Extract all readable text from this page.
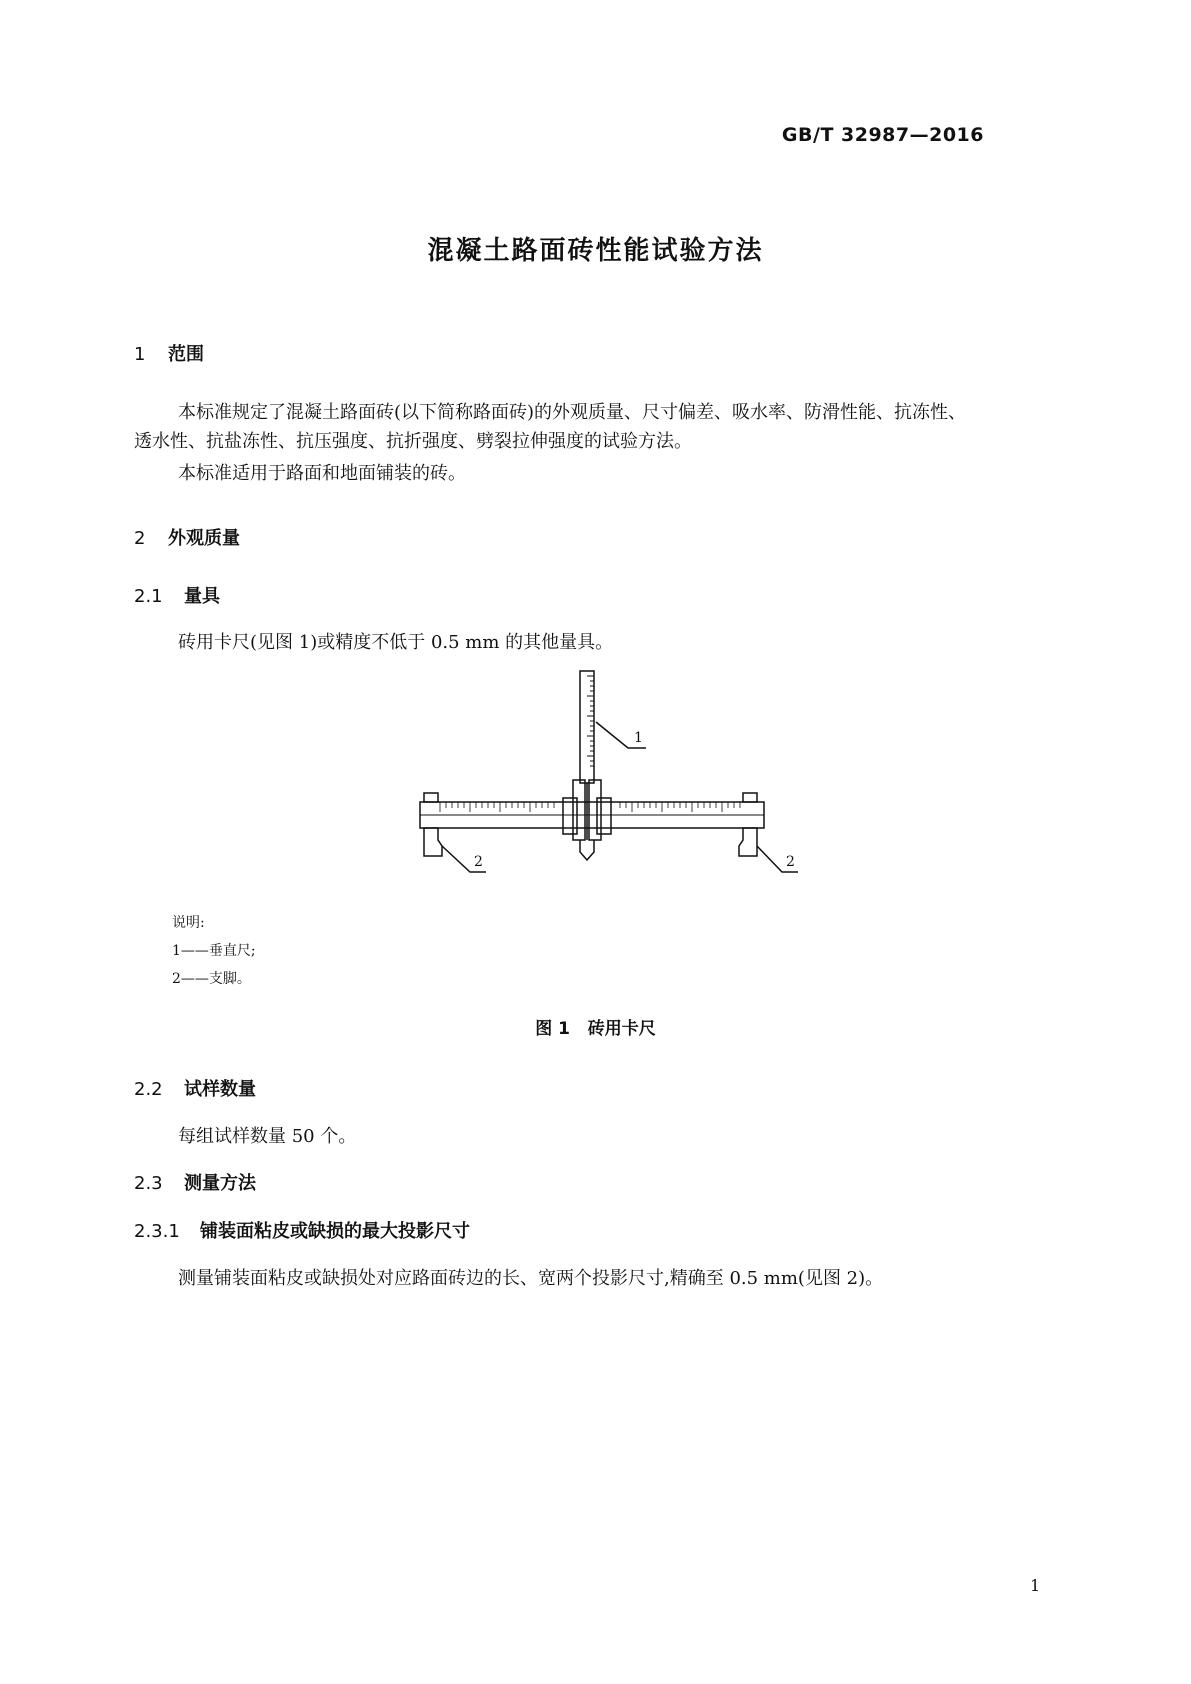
GB/T 32987—2016
混凝土路面砖性能试验方法
1 范围
本标准规定了混凝土路面砖(以下简称路面砖)的外观质量、尺寸偏差、吸水率、防滑性能、抗冻性、
透水性、抗盐冻性、抗压强度、抗折强度、劈裂拉伸强度的试验方法。
本标准适用于路面和地面铺装的砖。
2 外观质量
2.1 量具
砖用卡尺(见图 1)或精度不低于 0.5 mm 的其他量具。
1
2	2
说明:
1——垂直尺;
2——支脚。
图 1   砖用卡尺
2.2 试样数量
每组试样数量 50 个。
2.3 测量方法
2.3.1 铺装面粘皮或缺损的最大投影尺寸
测量铺装面粘皮或缺损处对应路面砖边的长、宽两个投影尺寸,精确至 0.5 mm(见图 2)。
1
